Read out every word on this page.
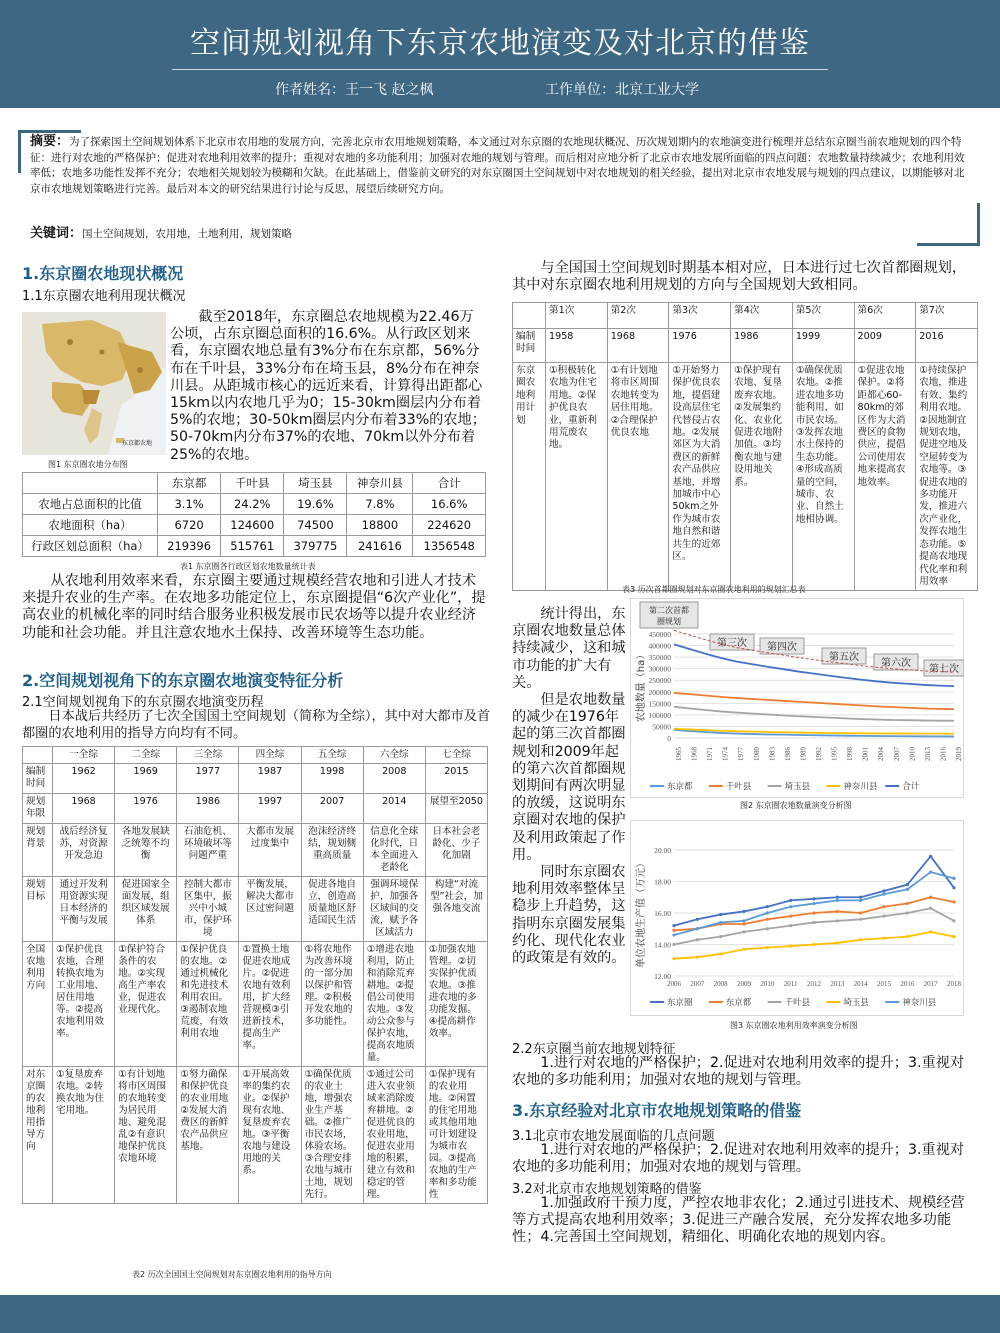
空间规划视角下东京农地演变及对北京的借鉴
作者姓名：王一飞 赵之枫	工作单位：北京工业大学
摘要：为了探索国土空间规划体系下北京市农用地的发展方向，完善北京市农用地规划策略，本文通过对东京圈的农地现状概况、历次规划期内的农地演变进行梳理并总结东京圈当前农地规划的四个特征：进行对农地的严格保护；促进对农地利用效率的提升；重视对农地的多功能利用；加强对农地的规划与管理。而后相对应地分析了北京市农地发展所面临的四点问题：农地数量持续减少；农地利用效率低；农地多功能性发挥不充分；农地相关规划较为模糊和欠缺。在此基础上，借鉴前文研究的对东京圈国土空间规划中对农地规划的相关经验，提出对北京市农地发展与规划的四点建议，以期能够对北京市农地规划策略进行完善。最后对本文的研究结果进行讨论与反思，展望后续研究方向。
关键词：国土空间规划，农用地，土地利用，规划策略
1.东京圈农地现状概况
1.1东京圈农地利用现状概况
东京都农地
图1 东京圈农地分布图

截至2018年，东京圈总农地规模为22.46万公顷，占东京圈总面积的16.6%。从行政区划来看，东京圈农地总量有3%分布在东京都，56%分布在千叶县，33%分布在埼玉县，8%分布在神奈川县。从距城市核心的远近来看，计算得出距都心15km以内农地几乎为0；15-30km圈层内分布着5%的农地；30-50km圈层内分布着33%的农地；50-70km内分布37%的农地、70km以外分布着25%的农地。

	东京都	千叶县	埼玉县	神奈川县	合计
农地占总面积的比值	3.1%	24.2%	19.6%	7.8%	16.6%
农地面积（ha）	6720	124600	74500	18800	224620
行政区划总面积（ha）	219396	515761	379775	241616	1356548
表1 东京圈各行政区划农地数量统计表

从农地利用效率来看，东京圈主要通过规模经营农地和引进人才技术来提升农业的生产率。在农地多功能定位上，东京圈提倡“6次产业化”，提高农业的机械化率的同时结合服务业积极发展市民农场等以提升农业经济功能和社会功能。并且注意农地水土保持、改善环境等生态功能。

2.空间规划视角下的东京圈农地演变特征分析
2.1空间规划视角下的东京圈农地演变历程

日本战后共经历了七次全国国土空间规划（简称为全综），其中对大都市及首都圈的农地利用的指导方向均有不同。

	一全综	二全综	三全综	四全综	五全综	六全综	七全综
编制时间	1962	1969	1977	1987	1998	2008	2015
规划年限	1968	1976	1986	1997	2007	2014	展望至2050
规划背景	战后经济复苏，对资源开发急迫	各地发展缺乏统筹不均衡	石油危机、环境破坏等问题严重	大都市发展过度集中	泡沫经济终结，规划侧重高质量	信息化全球化时代，日本全面进入老龄化	日本社会老龄化、少子化加剧
规划目标	通过开发利用资源实现日本经济的平衡与发展	促进国家全面发展，组织区域发展体系	控制大都市区集中，振兴中小城市，保护环境	平衡发展，解决大都市区过密问题	促进各地自立，创造高质量地区舒适国民生活	强调环境保护，加强各区域间的交流，赋予各区域活力	构建“对流型”社会，加强各地交流
全国农地利用方向	①保护优良农地，合理转换农地为工业用地、居住用地等。②提高农地利用效率。	①保护符合条件的农地。②实现高生产率农业，促进农业现代化。	①保护优良的农地。②通过机械化和先进技术利用农田。③遏制农地荒废，有效利用农地	①置换土地促进农地成片。②促进农地有效利用，扩大经营规模③引进新技术，提高生产率。	①将农地作为改善环境的一部分加以保护和管理。②积极开发农地的多功能性。	①增进农地利用，防止和消除荒弃耕地。②提倡公司使用农地。③发动公众参与保护农地，提高农地质量。	①加强农地管理。②切实保护优质农地。③推进农地的多功能发掘。④提高耕作效率。
对东京圈的农地利用指导方向	①复垦废弃农地。②转换农地为住宅用地。	①有计划地将市区周围的农地转变为居民用地、避免混乱②有意识地保护优良农地环境	①努力确保和保护优良的农业用地②发展大消费区的新鲜农产品供应基地。	①开展高效率的集约农业。②保护现有农地、复垦废弃农地。③平衡农地与建设用地的关系。	①确保优质的农业土地，增强农业生产基础。②推广市民农场，体验农场。③合理安排农地与城市土地，规划先行。	①通过公司进入农业领域来消除废弃耕地。②促进优良的农业用地，促进农业用地的积累，建立有效和稳定的管理。	①保护现有的农业用地。②闲置的住宅用地或其他用地可计划建设为城市农园。③提高农地的生产率和多功能性
表2 历次全国国土空间规划对东京圈农地利用的指导方向

与全国国土空间规划时期基本相对应，日本进行过七次首都圈规划，其中对东京圈农地利用规划的方向与全国规划大致相同。

	第1次	第2次	第3次	第4次	第5次	第6次	第7次
编制时间	1958	1968	1976	1986	1999	2009	2016
东京圈农地利用计划	①积极转化农地为住宅用地。②保护优良农业，重新利用荒废农地。	①有计划地将市区周围农地转变为居住用地。②合理保护优良农地	①开始努力保护优良农地，提倡建设高层住宅代替侵占农地。②发展郊区为大消费区的新鲜农产品供应基地，并增加城市中心50km之外作为城市农地自然和谐共生的近郊区。	①保护现有农地、复垦废弃农地。②发展集约化、农业化促进农地附加值。③均衡农地与建设用地关系。	①确保优质农地。②推进农地多功能利用，如市民农场。③发挥农地水土保持的生态功能。④形成高质量的空间，城市、农业、自然土地相协调。	①促进农地保护。②将距都心60-80km的郊区作为大消费区的食物供应，提倡公司使用农地来提高农地效率。	①持续保护农地，推进有效、集约利用农地。②因地制宜规划农地，促进空地及空屋转变为农地等。③促进农地的多功能开发，推进六次产业化，发挥农地生态功能。⑤提高农地现代化率和利用效率
表3 历次首都圈规划对东京圈农地利用的规划汇总表
统计得出，东京圈农地数量总体持续减少，这和城市功能的扩大有关。
但是农地数量的减少在1976年起的第三次首都圈规划和2009年起的第六次首都圈规划期间有两次明显的放缓，这说明东京圈对农地的保护及利用政策起了作用。
同时东京圈农地利用效率整体呈稳步上升趋势，这指明东京圈发展集约化、现代化农业的政策是有效的。
450000
400000
350000
300000
250000
200000
150000
100000
50000
0
1965 1968 1971 1974 1977 1980 1983 1986 1989 1992 1995 1998 2001 2004 2007 2010 2013 2016 2019
农地数量（ha）
东京都	千叶县	埼玉县	神奈川县	合计
第二次首都
圈规划
第三次 第四次
第五次
第六次
第七次
图2 东京圈农地数量演变分析图
20.00
18.00
16.00
14.00
12.00
2006 2007 2008 2009 2010 2011 2012 2013 2014 2015 2016 2017 2018
单位农地生产值（万元）
东京圈	东京都	千叶县	埼玉县	神奈川县
图3 东京圈农地利用效率演变分析图
2.2东京圈当前农地规划特征

1.进行对农地的严格保护；2.促进对农地利用效率的提升；3.重视对农地的多功能利用；加强对农地的规划与管理。

3.东京经验对北京市农地规划策略的借鉴
3.1北京市农地发展面临的几点问题

1.进行对农地的严格保护；2.促进对农地利用效率的提升；3.重视对农地的多功能利用；加强对农地的规划与管理。

3.2对北京市农地规划策略的借鉴

1.加强政府干预力度，严控农地非农化；2.通过引进技术、规模经营等方式提高农地利用效率；3.促进三产融合发展，充分发挥农地多功能性；4.完善国土空间规划，精细化、明确化农地的规划内容。
